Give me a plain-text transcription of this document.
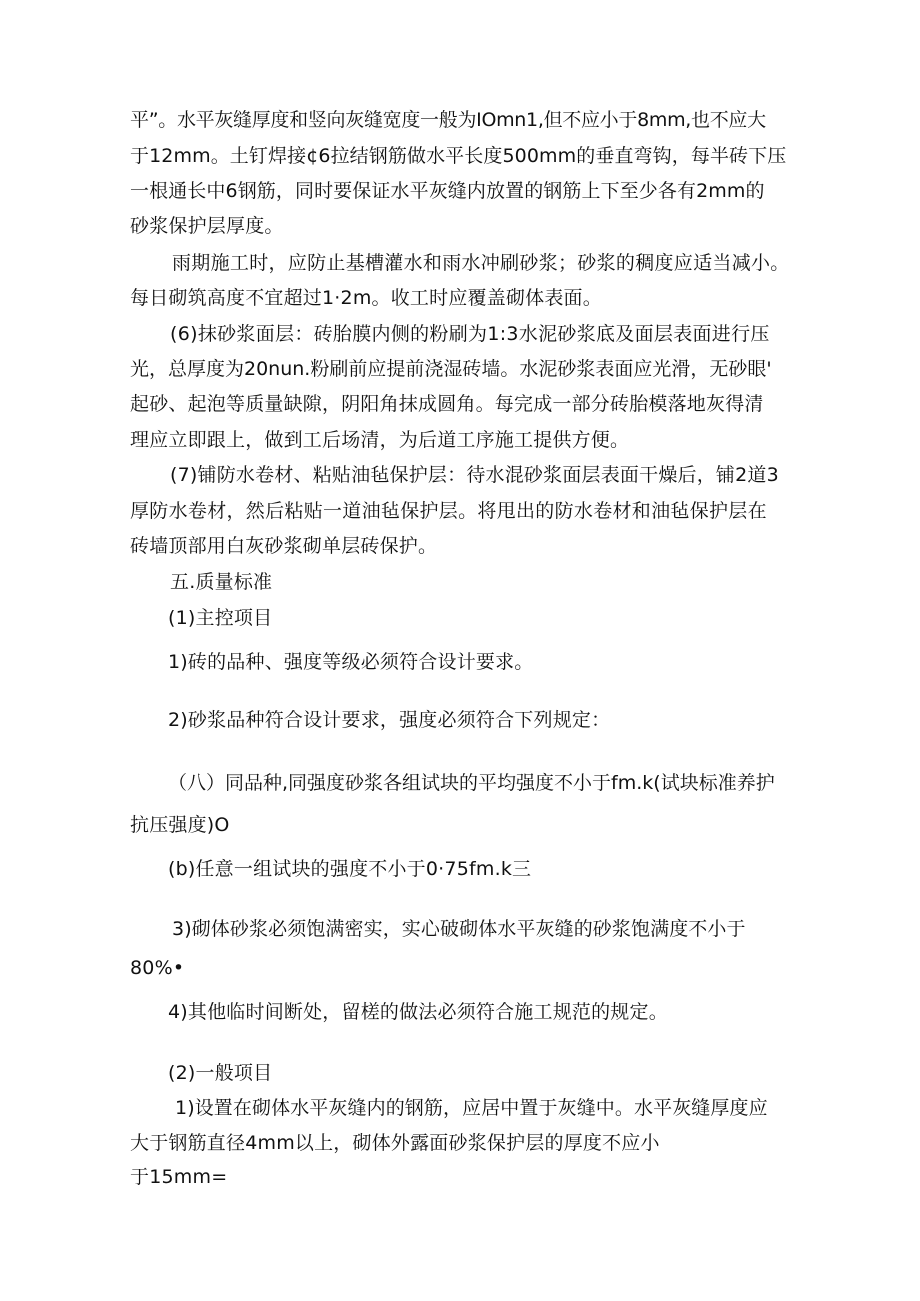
平”。水平灰缝厚度和竖向灰缝宽度一般为IOmn1,但不应小于8mm,也不应大
于12mm。土钉焊接¢6拉结钢筋做水平长度500mm的垂直弯钩，每半砖下压
一根通长中6钢筋，同时要保证水平灰缝内放置的钢筋上下至少各有2mm的
砂浆保护层厚度。
雨期施工时，应防止基槽灌水和雨水冲刷砂浆；砂浆的稠度应适当减小。
每日砌筑高度不宜超过1·2m。收工时应覆盖砌体表面。
(6)抹砂浆面层：砖胎膜内侧的粉刷为1:3水泥砂浆底及面层表面进行压
光，总厚度为20nun.粉刷前应提前浇湿砖墙。水泥砂浆表面应光滑，无砂眼'
起砂、起泡等质量缺隙，阴阳角抹成圆角。每完成一部分砖胎模落地灰得清
理应立即跟上，做到工后场清，为后道工序施工提供方便。
(7)铺防水卷材、粘贴油毡保护层：待水混砂浆面层表面干燥后，铺2道3
厚防水卷材，然后粘贴一道油毡保护层。将甩出的防水卷材和油毡保护层在
砖墙顶部用白灰砂浆砌单层砖保护。
五.质量标准
(1)主控项目
1)砖的品种、强度等级必须符合设计要求。
2)砂浆品种符合设计要求，强度必须符合下列规定：
（八）同品种,同强度砂浆各组试块的平均强度不小于fm.k(试块标准养护
抗压强度)O
(b)任意一组试块的强度不小于0·75fm.k三
3)砌体砂浆必须饱满密实，实心破砌体水平灰缝的砂浆饱满度不小于
80%•
4)其他临时间断处，留槎的做法必须符合施工规范的规定。
(2)一般项目
1)设置在砌体水平灰缝内的钢筋，应居中置于灰缝中。水平灰缝厚度应
大于钢筋直径4mm以上，砌体外露面砂浆保护层的厚度不应小
于15mm=
